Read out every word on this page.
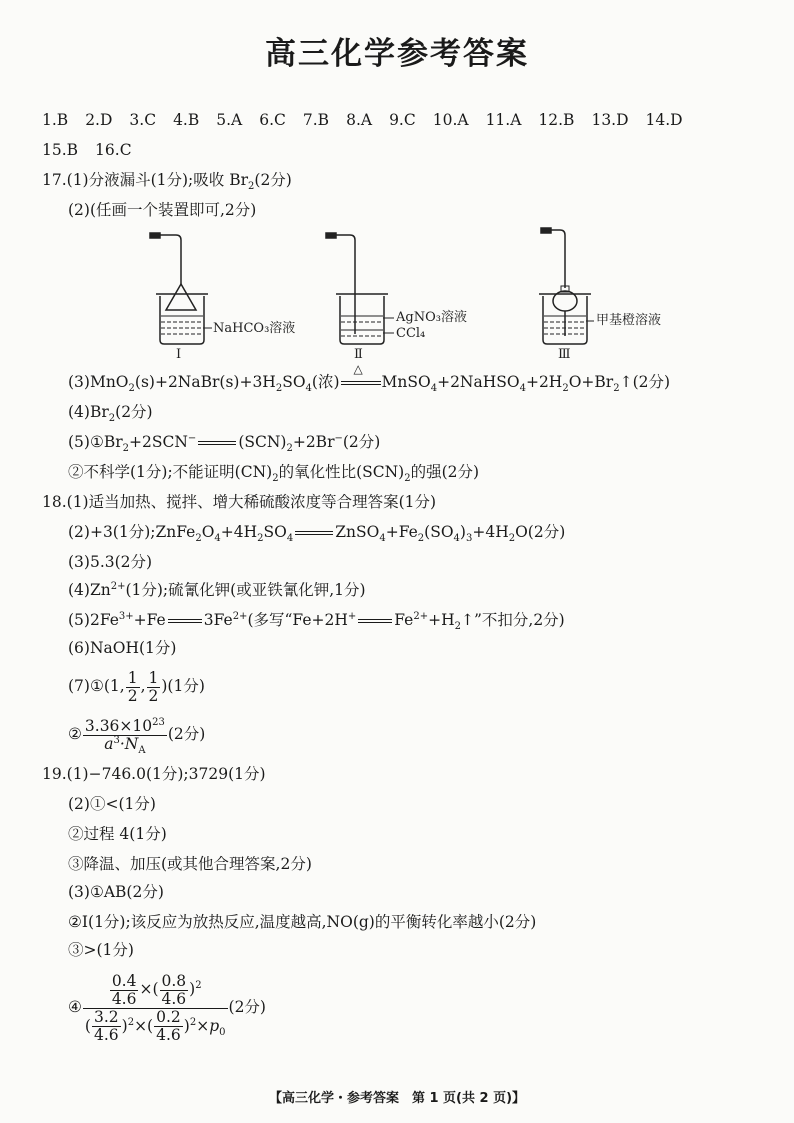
高三化学参考答案
1.B 2.D 3.C 4.B 5.A 6.C 7.B 8.A 9.C 10.A 11.A 12.B 13.D 14.D
15.B 16.C
17.(1)分液漏斗(1分);吸收 $Br_2(2$分)
(2)(任画一个装置即可,2分)
NaHCO₃溶液
Ⅰ
AgNO₃溶液
CCl₄
Ⅱ
甲基橙溶液
Ⅲ
$(3)MnO_2(s)+2NaBr(s)+3H_2SO_4$(浓)
△
$MnSO_4+2NaHSO_4+2H_2O+Br_2↑(2$分)
$(4)Br_2(2$分)
$(5)①Br_2+2SCN^-$	$(SCN)_2+2Br^-(2$分)
②不科学(1分);不能证明$(CN)_2$的氧化性比$(SCN)_2$的强(2分)
18.(1)适当加热、搅拌、增大稀硫酸浓度等合理答案(1分)
(2)+3(1分)$;ZnFe_2O_4+4H_2SO_4$	$ZnSO_4+Fe_2(SO_4)_3+4H_2O(2$分)
(3)5.3(2分)
$(4)Zn^{2+}(1$分);硫氰化钾(或亚铁氰化钾,1分)
$(5)2Fe^{3+}+Fe$ $3Fe^{2+}$(多写“Fe+2H+ $Fe^{2+}+H_2↑$”不扣分,2分)
(6)NaOH(1分)
(7)①(1, $\frac{1}{2}$ , $\frac{1}{2} )(1$分)
② $\frac{3.36\times 10^{23}}{a^3\cdot N_A} (2$分)
19.(1)−746.0(1分);3729(1分)
(2)①<(1分)
②过程 4(1分)
③降温、加压(或其他合理答案,2分)
(3)①AB(2分)
②Ⅰ(1分);该反应为放热反应,温度越高,NO(g)的平衡转化率越小(2分)
③>(1分)
④ $\frac{\frac{0.4}{4.6} \times( \frac{0.8}{4.6} )^2}{( \frac{3.2}{4.6} )^2\times( \frac{0.2}{4.6} )^2\times p_0} (2$分)
【高三化学・参考答案　第 1 页(共 2 页)】
